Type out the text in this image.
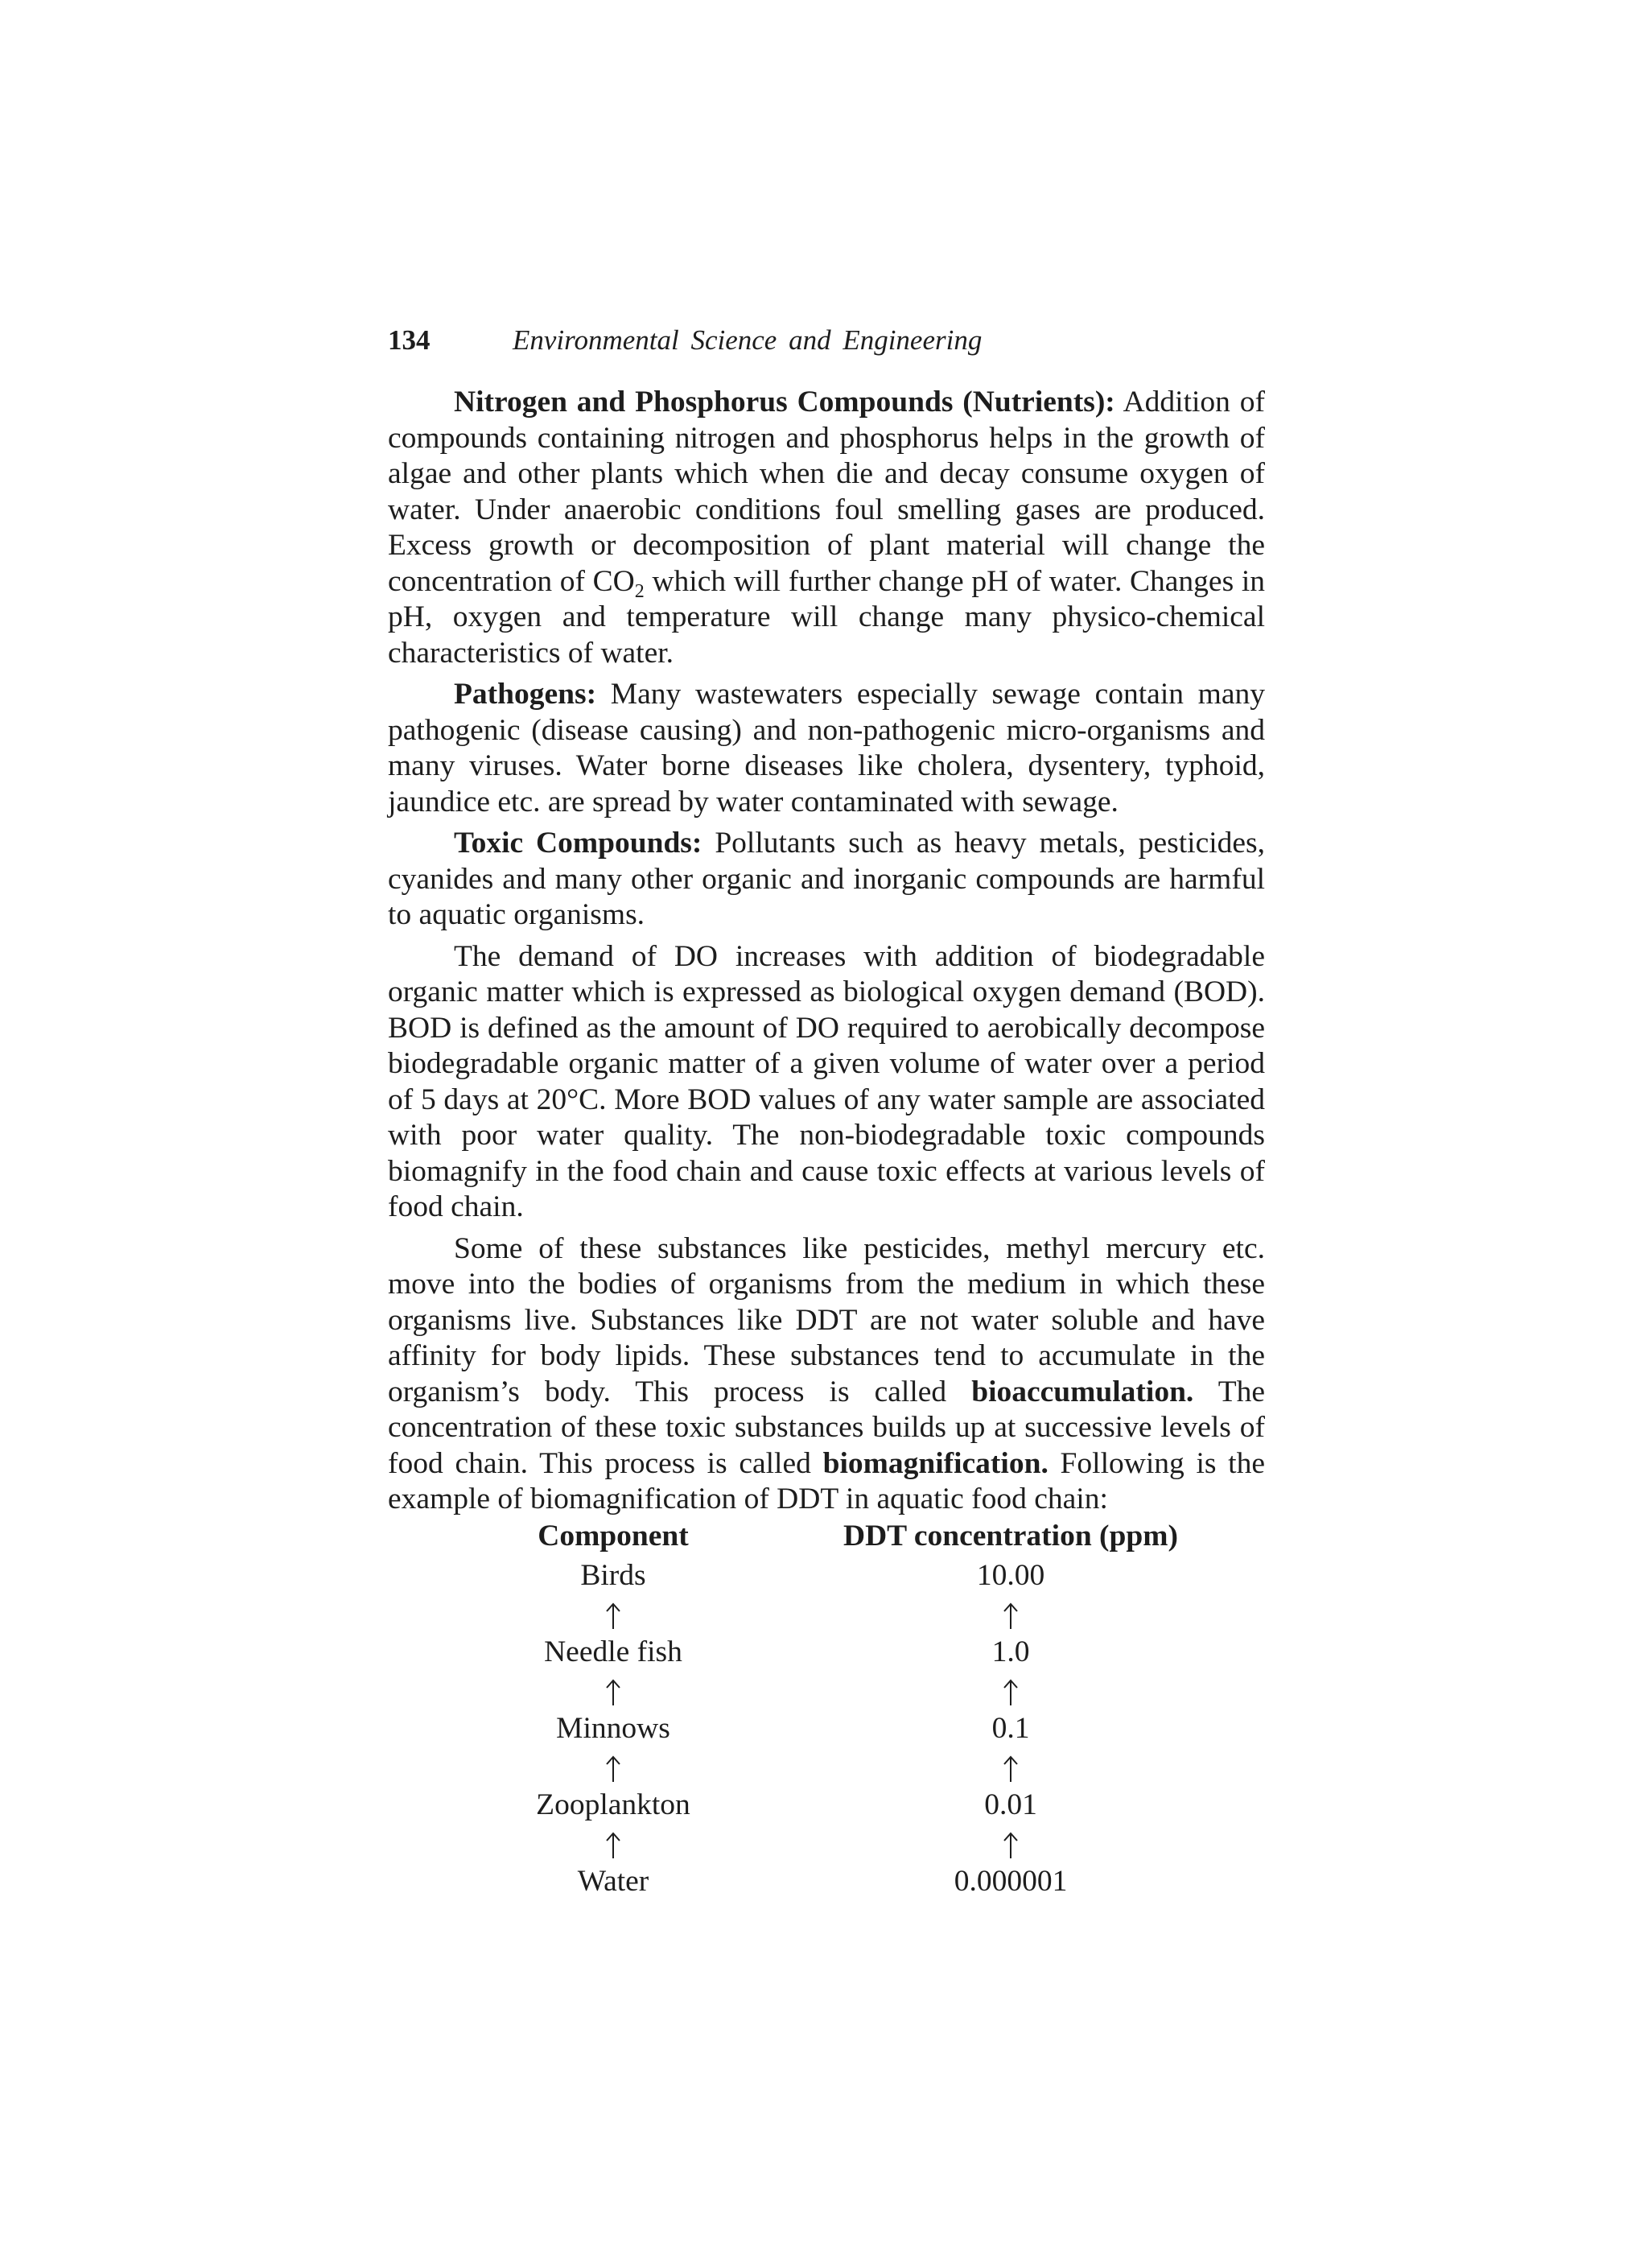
134	Environmental Science and Engineering

Nitrogen and Phosphorus Compounds (Nutrients): Addition of compounds containing nitrogen and phosphorus helps in the growth of algae and other plants which when die and decay consume oxygen of water. Under anaerobic conditions foul smelling gases are produced. Excess growth or decomposition of plant material will change the concentration of $CO_2$ which will further change pH of water. Changes in pH, oxygen and temperature will change many physico-chemical characteristics of water.

Pathogens: Many wastewaters especially sewage contain many pathogenic (disease causing) and non-pathogenic micro-organisms and many viruses. Water borne diseases like cholera, dysentery, typhoid, jaundice etc. are spread by water contaminated with sewage.

Toxic Compounds: Pollutants such as heavy metals, pesticides, cyanides and many other organic and inorganic compounds are harmful to aquatic organisms.

The demand of DO increases with addition of biodegradable organic matter which is expressed as biological oxygen demand (BOD). BOD is defined as the amount of DO required to aerobically decompose biodegradable organic matter of a given volume of water over a period of 5 days at 20°C. More BOD values of any water sample are associated with poor water quality. The non-biodegradable toxic compounds biomagnify in the food chain and cause toxic effects at various levels of food chain.

Some of these substances like pesticides, methyl mercury etc. move into the bodies of organisms from the medium in which these organisms live. Substances like DDT are not water soluble and have affinity for body lipids. These substances tend to accumulate in the organism’s body. This process is called bioaccumulation. The concentration of these toxic substances builds up at successive levels of food chain. This process is called biomagnification. Following is the example of biomagnification of DDT in aquatic food chain:

Component
Birds
Needle fish
Minnows
Zooplankton
Water
DDT concentration (ppm)
10.00
1.0
0.1
0.01
0.000001
